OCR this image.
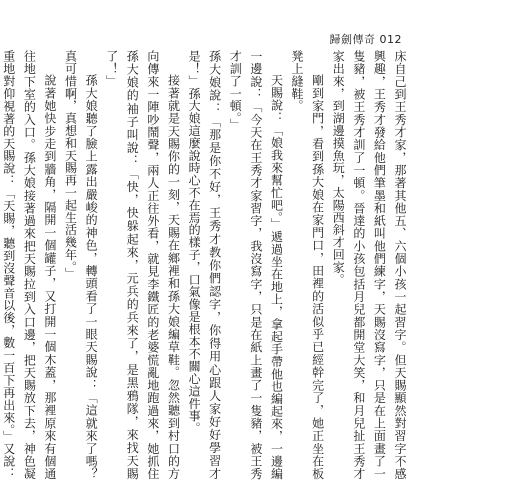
歸劍傳奇 012

床自己到王秀才家，那著其他五、六個小孩一起習字。但天賜顯然對習字不感興趣，王秀才發給他們筆墨和紙叫他們練字，天賜沒寫字，只是在上面畫了一隻豬，被王秀才訓了一頓。晉達的小孩包括月兒都開堂大笑，和月兒扯王秀才家出來，到湖邊摸魚玩，太陽西斜才回家。

剛到家門，看到孫大娘在家門口，田裡的活似乎已經幹完了，她正坐在板凳上縫鞋。

天賜說：「娘我來幫忙吧。」遞過坐在地上，拿起手帶他也編起來，一邊編一邊說：「今天在王秀才家習字，我沒寫字，只是在紙上畫了一隻豬，被王秀才訓了一頓。」

孫大娘說：「那是你不好，王秀才教你們認字，你得用心跟人家好好學習才是！」孫大娘這麼說時心不在焉的樣子，口氣像是根本不關心這件事。

接著就是天賜你的一刻，天賜在鄉裡和孫大娘編草鞋。忽然聽到村口的方向傳來一陣吵鬧聲，兩人正往外看，就見李鐵匠的老婆慌亂地跑過來，她抓住孫大娘的袖子叫說：「快，快躲起來，元兵的兵來了，是黑鴉隊，來找天賜了！」

孫大娘聽了臉上露出嚴峻的神色，轉頭看了一眼天賜說：「這就來了嗎？真可惜啊，真想和天賜再一起生活幾年。」

說著她快步走到牆角，隔開一個罐子，又打開一個木蓋，那裡原來有個通往地下室的入口。孫大娘接著過來把天賜拉到入口邊，把天賜放下去，神色凝重地對仰視著的天賜說：「天賜，聽到沒聲音以後，數一百下再出來。」又說：
